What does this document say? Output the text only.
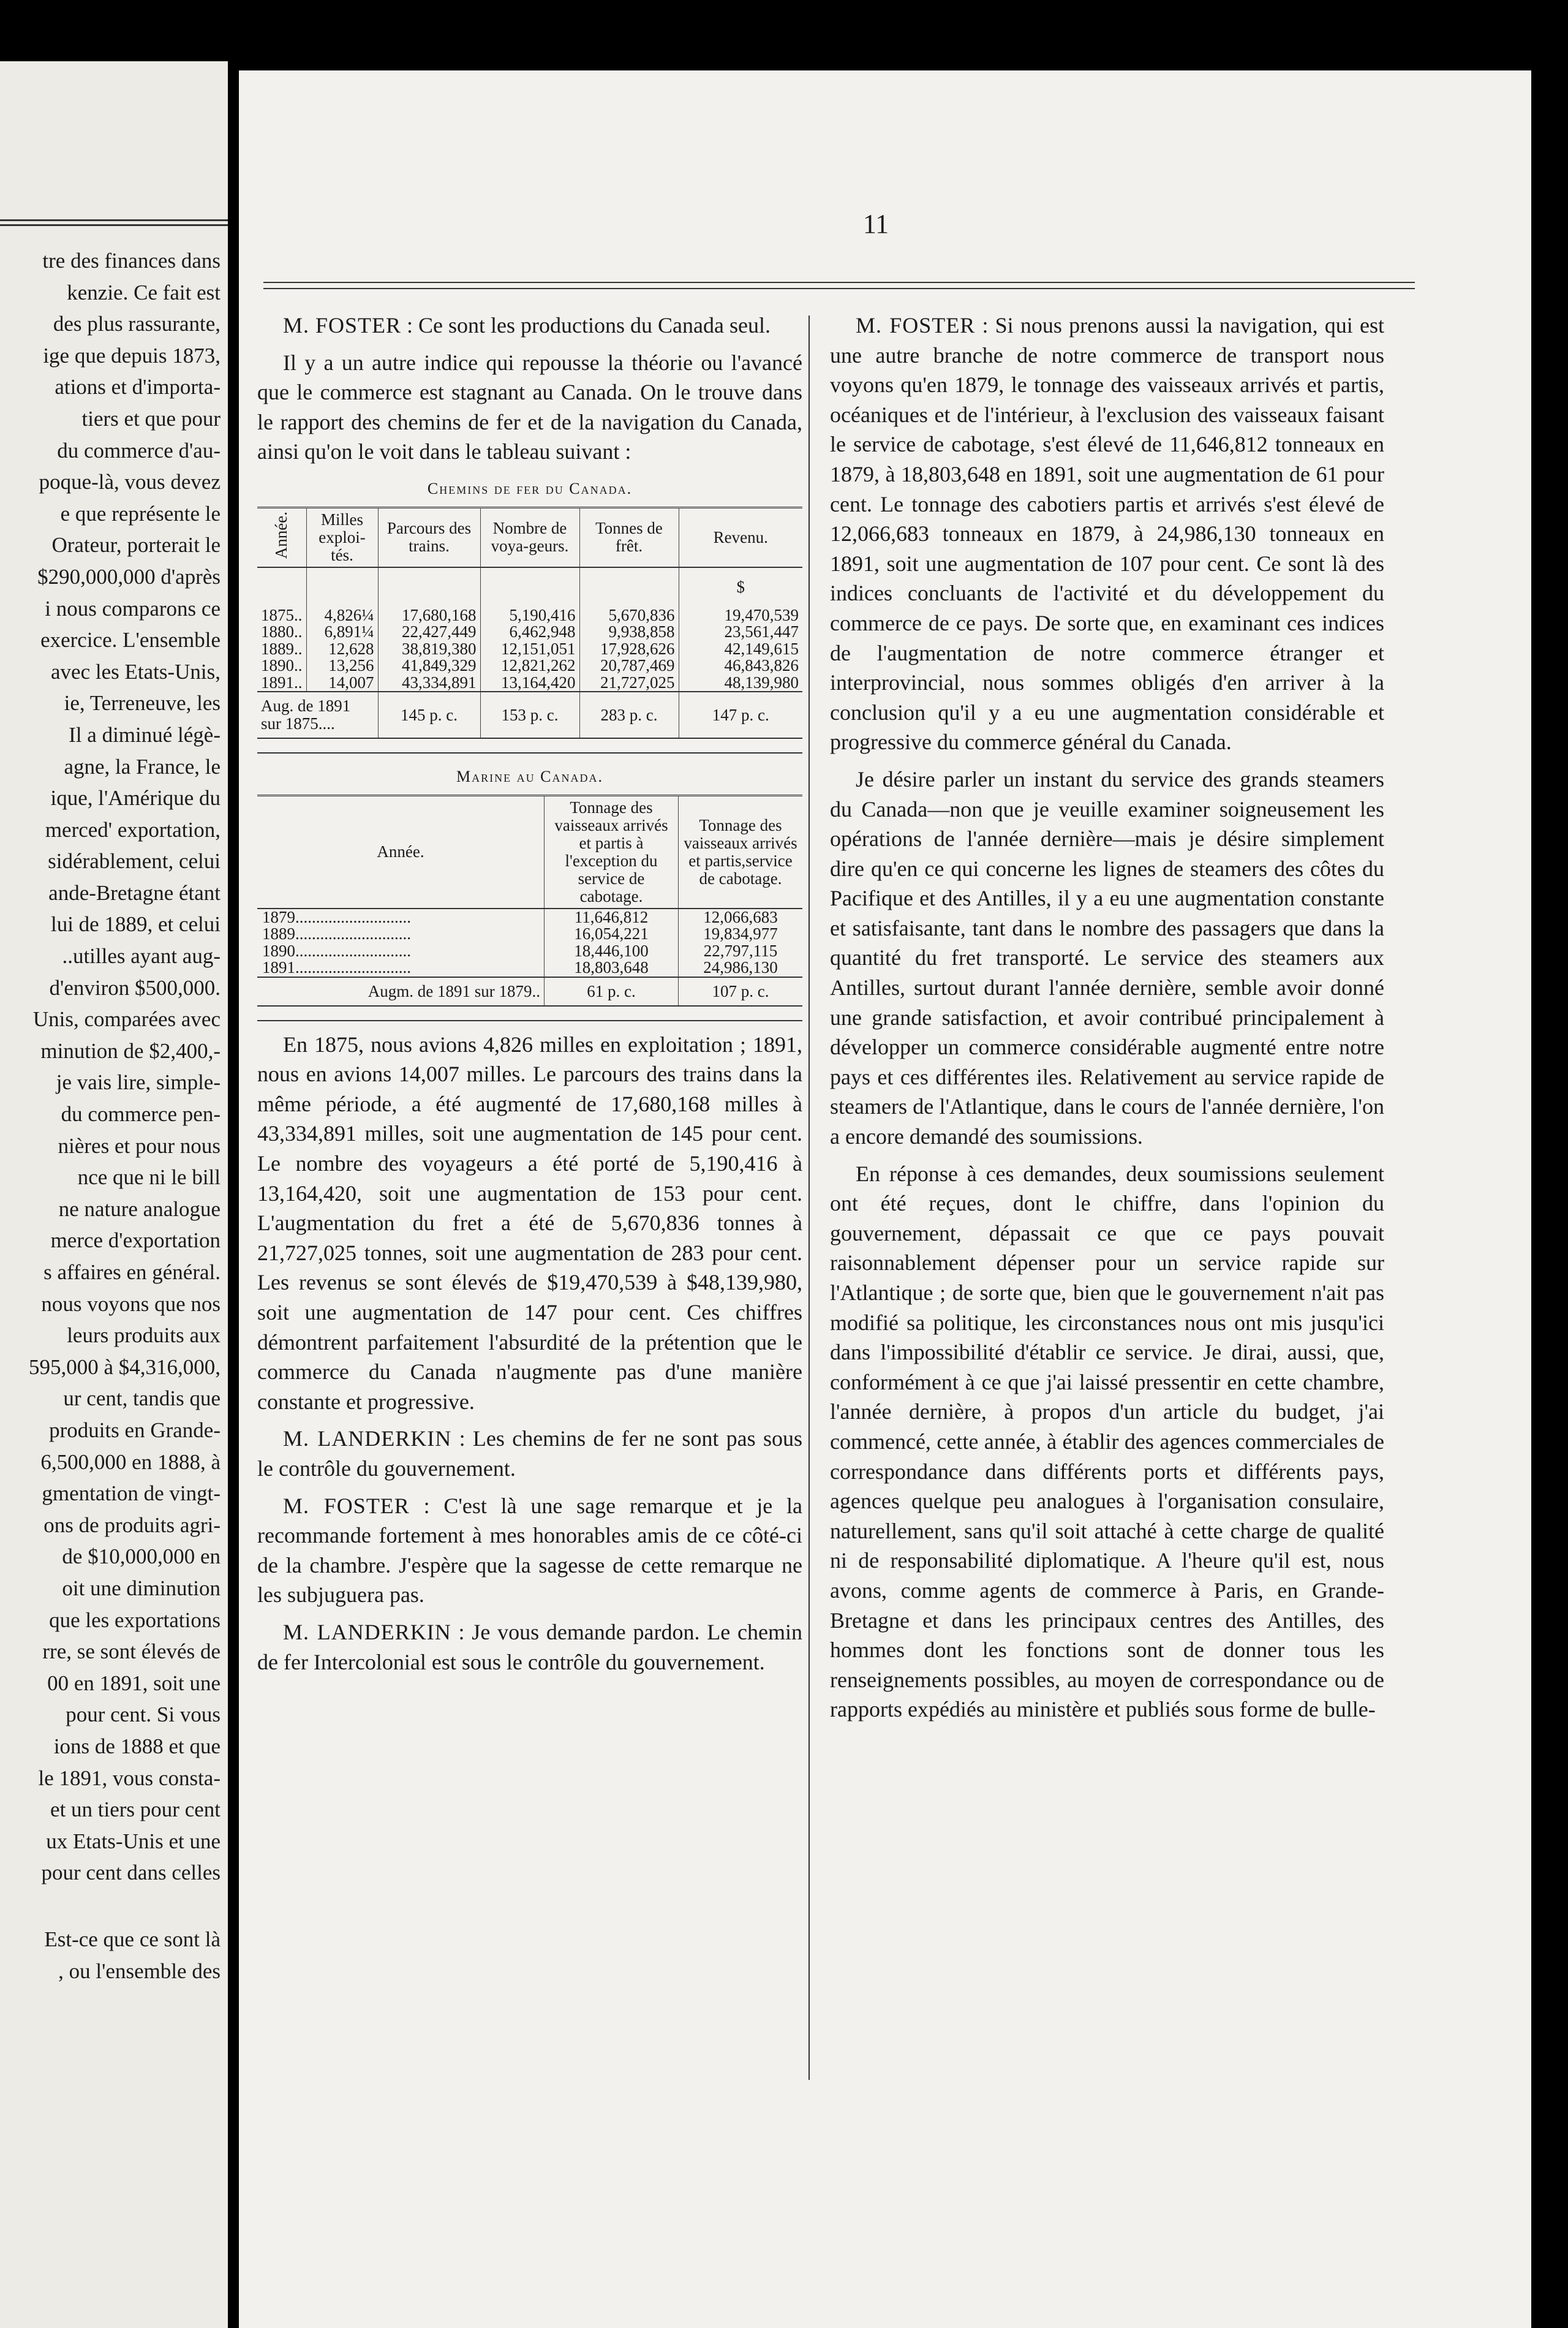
tre des finances dans
kenzie. Ce fait est
des plus rassurante,
ige que depuis 1873,
ations et d'importa-
tiers et que pour
du commerce d'au-
poque-là, vous devez
e que représente le
Orateur, porterait le
$290,000,000 d'après
i nous comparons ce
exercice. L'ensemble
avec les Etats-Unis,
ie, Terreneuve, les
Il a diminué légè-
agne, la France, le
ique, l'Amérique du
merced' exportation,
sidérablement, celui
ande-Bretagne étant
lui de 1889, et celui
..utilles ayant aug-
d'environ $500,000.
Unis, comparées avec
minution de $2,400,-
je vais lire, simple-
du commerce pen-
nières et pour nous
nce que ni le bill
ne nature analogue
merce d'exportation
s affaires en général.
nous voyons que nos
leurs produits aux
595,000 à $4,316,000,
ur cent, tandis que
produits en Grande-
6,500,000 en 1888, à
gmentation de vingt-
ons de produits agri-
de $10,000,000 en
oit une diminution
que les exportations
rre, se sont élevés de
00 en 1891, soit une
pour cent. Si vous
ions de 1888 et que
le 1891, vous consta-
et un tiers pour cent
ux Etats-Unis et une
pour cent dans celles
Est-ce que ce sont là
, ou l'ensemble des
11

M. FOSTER : Ce sont les productions du Canada seul.

Il y a un autre indice qui repousse la théorie ou l'avancé que le commerce est stagnant au Canada. On le trouve dans le rapport des chemins de fer et de la navigation du Canada, ainsi qu'on le voit dans le tableau suivant :

Chemins de fer du Canada.
Année.	Milles exploi-tés.	Parcours des trains.	Nombre de voya-geurs.	Tonnes de frêt.	Revenu.
					$
1875..	4,826¼	17,680,168	5,190,416	5,670,836	19,470,539
1880..	6,891¼	22,427,449	6,462,948	9,938,858	23,561,447
1889..	12,628	38,819,380	12,151,051	17,928,626	42,149,615
1890..	13,256	41,849,329	12,821,262	20,787,469	46,843,826
1891..	14,007	43,334,891	13,164,420	21,727,025	48,139,980
Aug. de 1891 sur 1875....		145 p. c.	153 p. c.	283 p. c.	147 p. c.
Marine au Canada.
Année.	Tonnage des vaisseaux arrivés et partis à l'exception du service de cabotage.	Tonnage des vaisseaux arrivés et partis,service de cabotage.
1879............................	11,646,812	12,066,683
1889............................	16,054,221	19,834,977
1890............................	18,446,100	22,797,115
1891............................	18,803,648	24,986,130
Augm. de 1891 sur 1879..	61 p. c.	107 p. c.

En 1875, nous avions 4,826 milles en exploitation ; 1891, nous en avions 14,007 milles. Le parcours des trains dans la même période, a été augmenté de 17,680,168 milles à 43,334,891 milles, soit une augmentation de 145 pour cent. Le nombre des voyageurs a été porté de 5,190,416 à 13,164,420, soit une augmentation de 153 pour cent. L'augmentation du fret a été de 5,670,836 tonnes à 21,727,025 tonnes, soit une augmentation de 283 pour cent. Les revenus se sont élevés de $19,470,539 à $48,139,980, soit une augmentation de 147 pour cent. Ces chiffres démontrent parfaitement l'absurdité de la prétention que le commerce du Canada n'augmente pas d'une manière constante et progressive.

M. LANDERKIN : Les chemins de fer ne sont pas sous le contrôle du gouvernement.

M. FOSTER : C'est là une sage remarque et je la recommande fortement à mes honorables amis de ce côté-ci de la chambre. J'espère que la sagesse de cette remarque ne les subjuguera pas.

M. LANDERKIN : Je vous demande pardon. Le chemin de fer Intercolonial est sous le contrôle du gouvernement.

M. FOSTER : Si nous prenons aussi la navigation, qui est une autre branche de notre commerce de transport nous voyons qu'en 1879, le tonnage des vaisseaux arrivés et partis, océaniques et de l'intérieur, à l'exclusion des vaisseaux faisant le service de cabotage, s'est élevé de 11,646,812 tonneaux en 1879, à 18,803,648 en 1891, soit une augmentation de 61 pour cent. Le tonnage des cabotiers partis et arrivés s'est élevé de 12,066,683 tonneaux en 1879, à 24,986,130 tonneaux en 1891, soit une augmentation de 107 pour cent. Ce sont là des indices concluants de l'activité et du développement du commerce de ce pays. De sorte que, en examinant ces indices de l'augmentation de notre commerce étranger et interprovincial, nous sommes obligés d'en arriver à la conclusion qu'il y a eu une augmentation considérable et progressive du commerce général du Canada.

Je désire parler un instant du service des grands steamers du Canada—non que je veuille examiner soigneusement les opérations de l'année dernière—mais je désire simplement dire qu'en ce qui concerne les lignes de steamers des côtes du Pacifique et des Antilles, il y a eu une augmentation constante et satisfaisante, tant dans le nombre des passagers que dans la quantité du fret transporté. Le service des steamers aux Antilles, surtout durant l'année dernière, semble avoir donné une grande satisfaction, et avoir contribué principalement à développer un commerce considérable augmenté entre notre pays et ces différentes iles. Relativement au service rapide de steamers de l'Atlantique, dans le cours de l'année dernière, l'on a encore demandé des soumissions.

En réponse à ces demandes, deux soumissions seulement ont été reçues, dont le chiffre, dans l'opinion du gouvernement, dépassait ce que ce pays pouvait raisonnablement dépenser pour un service rapide sur l'Atlantique ; de sorte que, bien que le gouvernement n'ait pas modifié sa politique, les circonstances nous ont mis jusqu'ici dans l'impossibilité d'établir ce service. Je dirai, aussi, que, conformément à ce que j'ai laissé pressentir en cette chambre, l'année dernière, à propos d'un article du budget, j'ai commencé, cette année, à établir des agences commerciales de correspondance dans différents ports et différents pays, agences quelque peu analogues à l'organisation consulaire, naturellement, sans qu'il soit attaché à cette charge de qualité ni de responsabilité diplomatique. A l'heure qu'il est, nous avons, comme agents de commerce à Paris, en Grande-Bretagne et dans les principaux centres des Antilles, des hommes dont les fonctions sont de donner tous les renseignements possibles, au moyen de correspondance ou de rapports expédiés au ministère et publiés sous forme de bulle-
